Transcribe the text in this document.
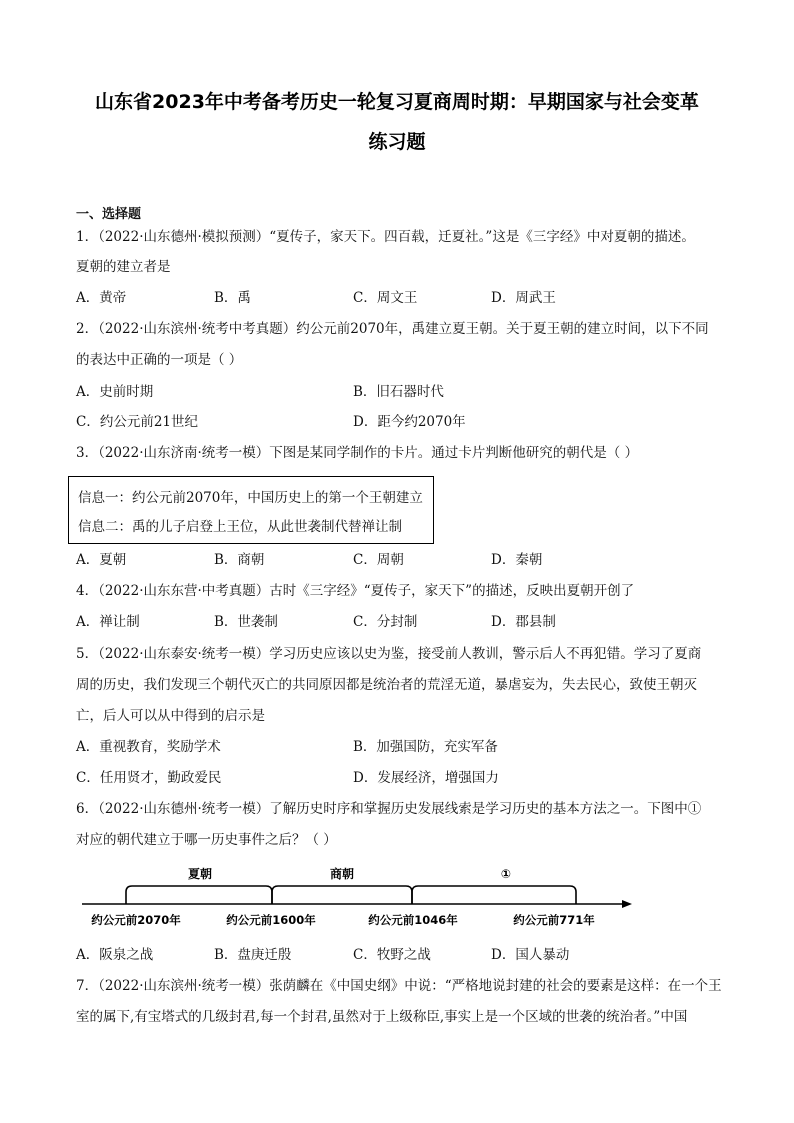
山东省2023年中考备考历史一轮复习夏商周时期：早期国家与社会变革
练习题
一、选择题
1．（2022·山东德州·模拟预测）“夏传子，家天下。四百载，迁夏社。”这是《三字经》中对夏朝的描述。
夏朝的建立者是
A．黄帝	B．禹	C．周文王	D．周武王
2．（2022·山东滨州·统考中考真题）约公元前2070年，禹建立夏王朝。关于夏王朝的建立时间，以下不同
的表达中正确的一项是（ ）
A．史前时期	B．旧石器时代
C．约公元前21世纪	D．距今约2070年
3．（2022·山东济南·统考一模）下图是某同学制作的卡片。通过卡片判断他研究的朝代是（ ）
信息一：约公元前2070年，中国历史上的第一个王朝建立
信息二：禹的儿子启登上王位，从此世袭制代替禅让制
A．夏朝	B．商朝	C．周朝	D．秦朝
4．（2022·山东东营·中考真题）古时《三字经》“夏传子，家天下”的描述，反映出夏朝开创了
A．禅让制	B．世袭制	C．分封制	D．郡县制
5．（2022·山东泰安·统考一模）学习历史应该以史为鉴，接受前人教训，警示后人不再犯错。学习了夏商
周的历史，我们发现三个朝代灭亡的共同原因都是统治者的荒淫无道，暴虐妄为，失去民心，致使王朝灭
亡，后人可以从中得到的启示是
A．重视教育，奖励学术	B．加强国防，充实军备
C．任用贤才，勤政爱民	D．发展经济，增强国力
6．（2022·山东德州·统考一模）了解历史时序和掌握历史发展线索是学习历史的基本方法之一。下图中①
对应的朝代建立于哪一历史事件之后？（ ）
夏朝	商朝	①
约公元前2070年	约公元前1600年	约公元前1046年	约公元前771年
A．阪泉之战	B．盘庚迁殷	C．牧野之战	D．国人暴动
7．（2022·山东滨州·统考一模）张荫麟在《中国史纲》中说：“严格地说封建的社会的要素是这样：在一个王
室的属下,有宝塔式的几级封君,每一个封君,虽然对于上级称臣,事实上是一个区域的世袭的统治者。”中国
